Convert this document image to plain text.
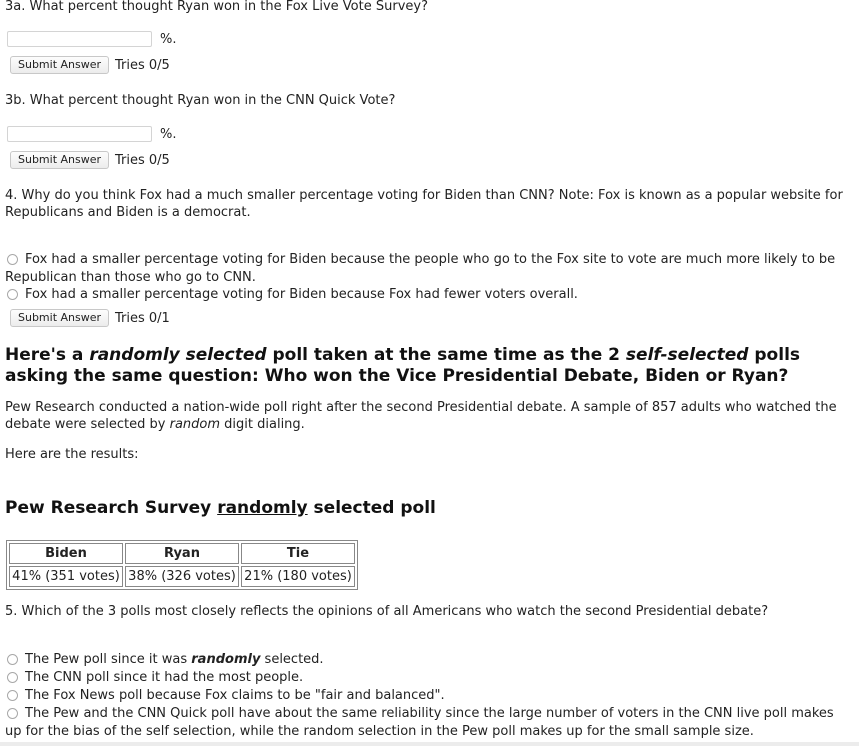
3a. What percent thought Ryan won in the Fox Live Vote Survey?
%.
Submit Answer	Tries 0/5
3b. What percent thought Ryan won in the CNN Quick Vote?
%.
Submit Answer	Tries 0/5
4. Why do you think Fox had a much smaller percentage voting for Biden than CNN? Note: Fox is known as a popular website for Republicans and Biden is a democrat.
Fox had a smaller percentage voting for Biden because the people who go to the Fox site to vote are much more likely to be
Republican than those who go to CNN.
Fox had a smaller percentage voting for Biden because Fox had fewer voters overall.
Submit Answer	Tries 0/1
Here's a randomly selected poll taken at the same time as the 2 self-selected polls asking the same question: Who won the Vice Presidential Debate, Biden or Ryan?
Pew Research conducted a nation-wide poll right after the second Presidential debate. A sample of 857 adults who watched the debate were selected by random digit dialing.
Here are the results:
Pew Research Survey randomly selected poll
Biden	Ryan	Tie
41% (351 votes)	38% (326 votes)	21% (180 votes)
5. Which of the 3 polls most closely reflects the opinions of all Americans who watch the second Presidential debate?
The Pew poll since it was randomly selected.
The CNN poll since it had the most people.
The Fox News poll because Fox claims to be "fair and balanced".
The Pew and the CNN Quick poll have about the same reliability since the large number of voters in the CNN live poll makes
up for the bias of the self selection, while the random selection in the Pew poll makes up for the small sample size.
